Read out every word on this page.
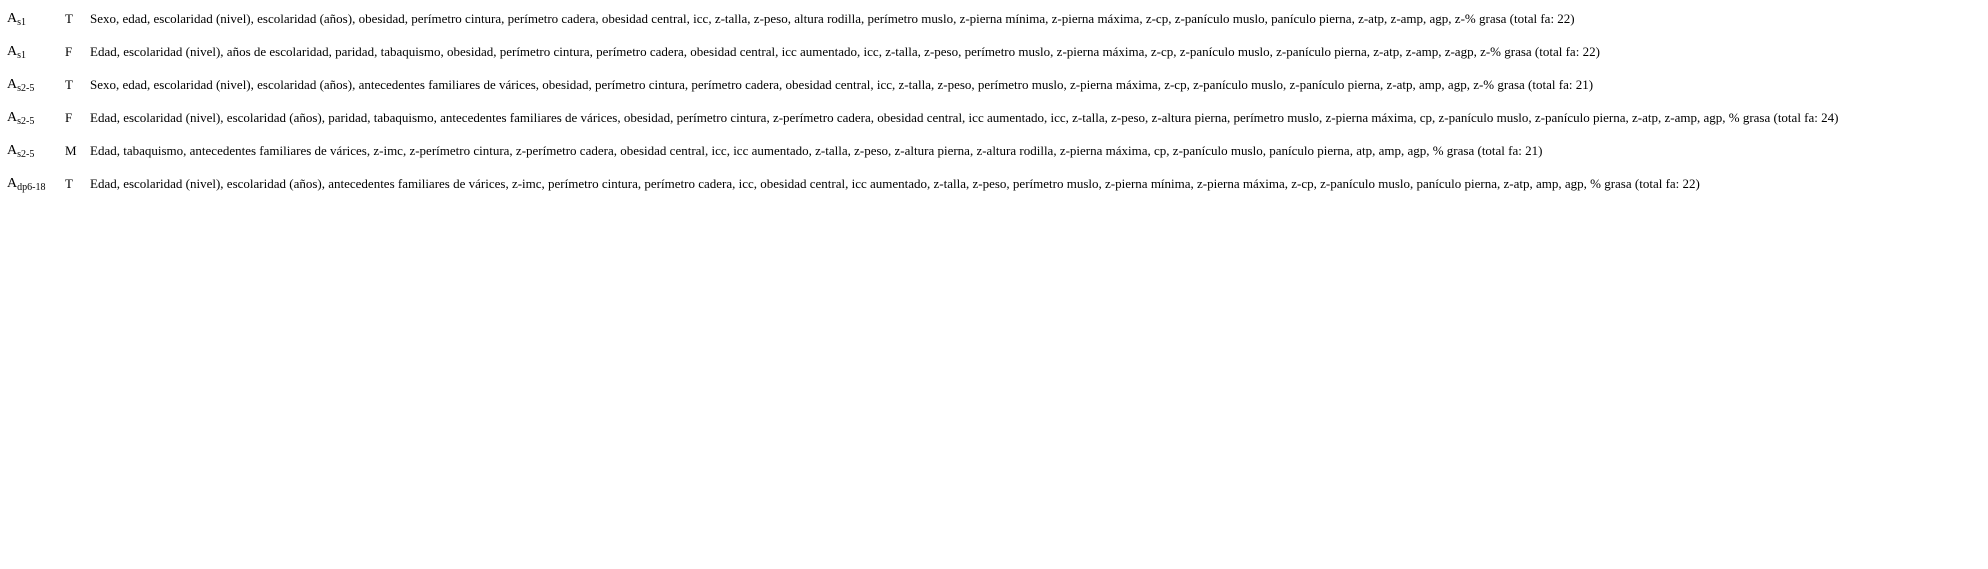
$A_{s1}$	T	Sexo, edad, escolaridad (nivel), escolaridad (años), obesidad, perímetro cintura, perímetro cadera, obesidad central, icc, z-talla, z-peso, altura rodilla, perímetro muslo, z-pierna mínima, z-pierna máxima, z-cp, z-panículo muslo, panículo pierna, z-atp, z-amp, agp, z-% grasa (total fa: 22)
$A_{s1}$	F	Edad, escolaridad (nivel), años de escolaridad, paridad, tabaquismo, obesidad, perímetro cintura, perímetro cadera, obesidad central, icc aumentado, icc, z-talla, z-peso, perímetro muslo, z-pierna máxima, z-cp, z-panículo muslo, z-panículo pierna, z-atp, z-amp, z-agp, z-% grasa (total fa: 22)
$A_{s2-5}$	T	Sexo, edad, escolaridad (nivel), escolaridad (años), antecedentes familiares de várices, obesidad, perímetro cintura, perímetro cadera, obesidad central, icc, z-talla, z-peso, perímetro muslo, z-pierna máxima, z-cp, z-panículo muslo, z-panículo pierna, z-atp, amp, agp, z-% grasa (total fa: 21)
$A_{s2-5}$	F	Edad, escolaridad (nivel), escolaridad (años), paridad, tabaquismo, antecedentes familiares de várices, obesidad, perímetro cintura, z-perímetro cadera, obesidad central, icc aumentado, icc, z-talla, z-peso, z-altura pierna, perímetro muslo, z-pierna máxima, cp, z-panículo muslo, z-panículo pierna, z-atp, z-amp, agp, % grasa (total fa: 24)
$A_{s2-5}$	M	Edad, tabaquismo, antecedentes familiares de várices, z-imc, z-perímetro cintura, z-perímetro cadera, obesidad central, icc, icc aumentado, z-talla, z-peso, z-altura pierna, z-altura rodilla, z-pierna máxima, cp, z-panículo muslo, panículo pierna, atp, amp, agp, % grasa (total fa: 21)
$A_{dp6-18}$	T	Edad, escolaridad (nivel), escolaridad (años), antecedentes familiares de várices, z-imc, perímetro cintura, perímetro cadera, icc, obesidad central, icc aumentado, z-talla, z-peso, perímetro muslo, z-pierna mínima, z-pierna máxima, z-cp, z-panículo muslo, panículo pierna, z-atp, amp, agp, % grasa (total fa: 22)
